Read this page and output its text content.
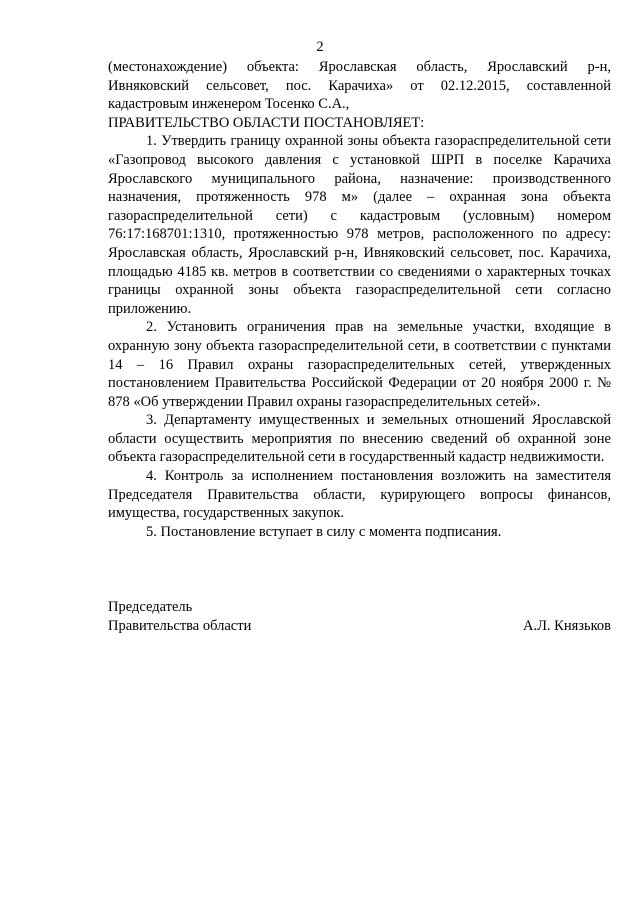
2

(местонахождение) объекта: Ярославская область, Ярославский р-н, Ивняковский сельсовет, пос. Карачиха» от 02.12.2015, составленной кадастровым инженером Тосенко С.А.,

ПРАВИТЕЛЬСТВО ОБЛАСТИ ПОСТАНОВЛЯЕТ:

1. Утвердить границу охранной зоны объекта газораспределительной сети «Газопровод высокого давления с установкой ШРП в поселке Карачиха Ярославского муниципального района, назначение: производственного назначения, протяженность 978 м» (далее – охранная зона объекта газораспределительной сети) с кадастровым (условным) номером 76:17:168701:1310, протяженностью 978 метров, расположенного по адресу: Ярославская область, Ярославский р-н, Ивняковский сельсовет, пос. Карачиха, площадью 4185 кв. метров в соответствии со сведениями о характерных точках границы охранной зоны объекта газораспределительной сети согласно приложению.

2. Установить ограничения прав на земельные участки, входящие в охранную зону объекта газораспределительной сети, в соответствии с пунктами 14 – 16 Правил охраны газораспределительных сетей, утвержденных постановлением Правительства Российской Федерации от 20 ноября 2000 г. № 878 «Об утверждении Правил охраны газораспределительных сетей».

3. Департаменту имущественных и земельных отношений Ярославской области осуществить мероприятия по внесению сведений об охранной зоне объекта газораспределительной сети в государственный кадастр недвижимости.

4. Контроль за исполнением постановления возложить на заместителя Председателя Правительства области, курирующего вопросы финансов, имущества, государственных закупок.

5. Постановление вступает в силу с момента подписания.

Председатель
Правительства области	А.Л. Князьков
